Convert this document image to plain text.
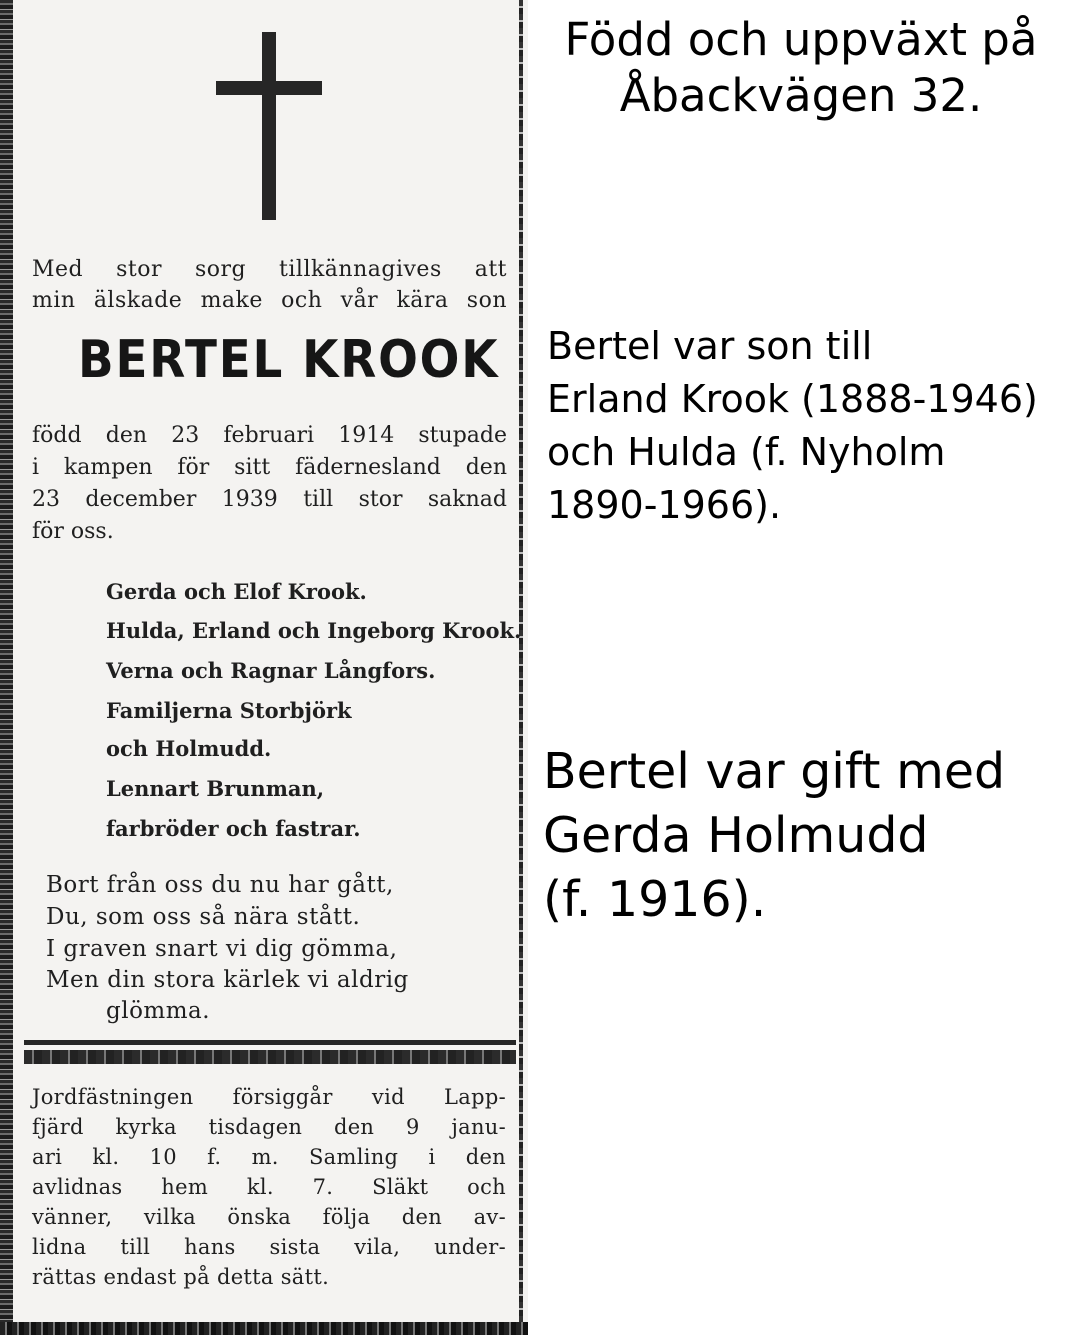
Med stor sorg tillkännagives att

min älskade make och vår kära son

BERTEL KROOK

född den 23 februari 1914 stupade

i kampen för sitt fädernesland den

23 december 1939 till stor saknad

för oss.

Gerda och Elof Krook.

Hulda, Erland och Ingeborg Krook.

Verna och Ragnar Långfors.

Familjerna Storbjörk

och Holmudd.

Lennart Brunman,

farbröder och fastrar.

Bort från oss du nu har gått,

Du, som oss så nära stått.

I graven snart vi dig gömma,

Men din stora kärlek vi aldrig

glömma.

Jordfästningen försiggår vid Lapp-

fjärd kyrka tisdagen den 9 janu-

ari kl. 10 f. m. Samling i den

avlidnas hem kl. 7. Släkt och

vänner, vilka önska följa den av-

lidna till hans sista vila, under-

rättas endast på detta sätt.

Född och uppväxt på
Åbackvägen 32.
Bertel var son till
Erland Krook (1888-1946)
och Hulda (f. Nyholm
1890-1966).
Bertel var gift med
Gerda Holmudd
(f. 1916).
